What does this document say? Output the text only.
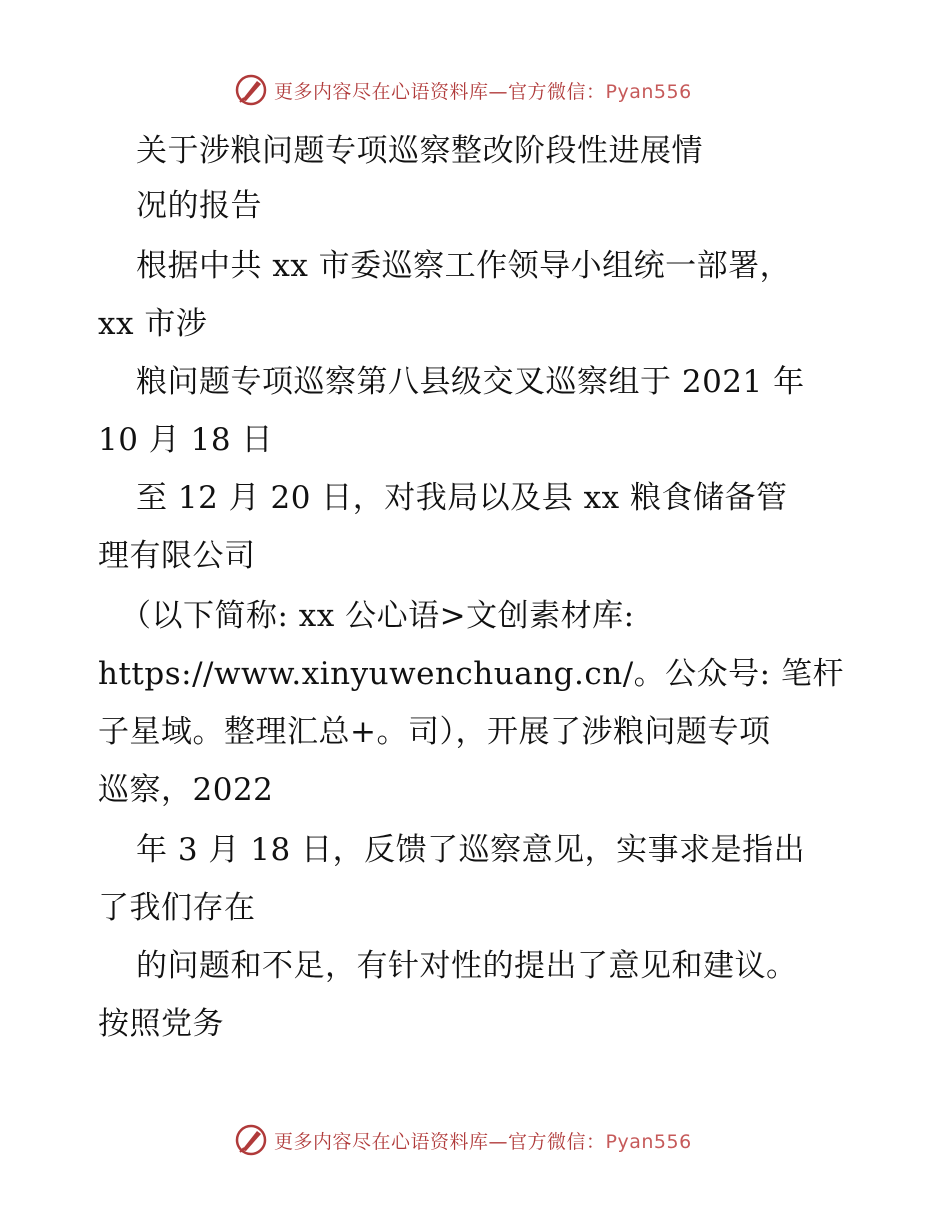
更多内容尽在心语资料库—官方微信：Pyan556
关于涉粮问题专项巡察整改阶段性进展情
况的报告
根据中共 xx 市委巡察工作领导小组统一部署，
xx 市涉
粮问题专项巡察第八县级交叉巡察组于 2021 年
10 月 18 日
至 12 月 20 日，对我局以及县 xx 粮食储备管
理有限公司
（以下简称: xx 公心语>文创素材库:
https://www.xinyuwenchuang.cn/。公众号: 笔杆
子星域。整理汇总+。司），开展了涉粮问题专项
巡察，2022
年 3 月 18 日，反馈了巡察意见，实事求是指出
了我们存在
的问题和不足，有针对性的提出了意见和建议。
按照党务
更多内容尽在心语资料库—官方微信：Pyan556
